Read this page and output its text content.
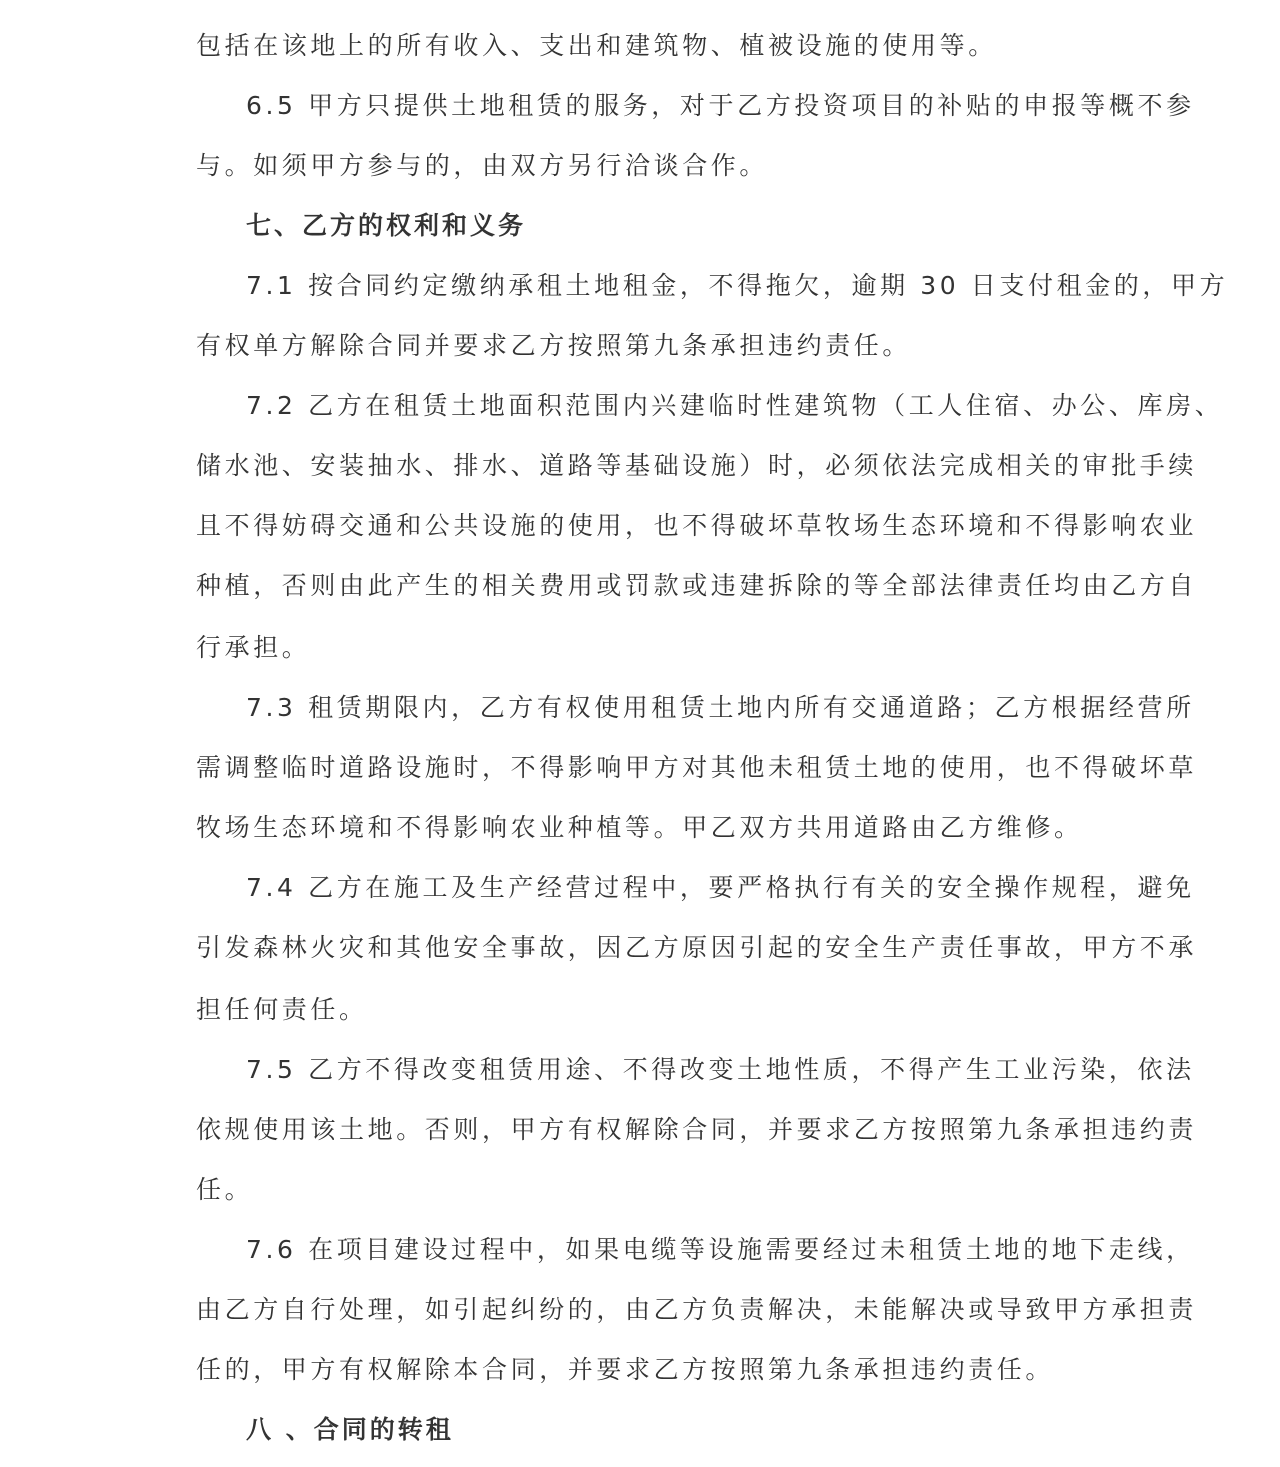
包括在该地上的所有收入、支出和建筑物、植被设施的使用等。
6.5 甲方只提供土地租赁的服务，对于乙方投资项目的补贴的申报等概不参
与。如须甲方参与的，由双方另行洽谈合作。
七、乙方的权利和义务
7.1 按合同约定缴纳承租土地租金，不得拖欠，逾期 30 日支付租金的，甲方
有权单方解除合同并要求乙方按照第九条承担违约责任。
7.2 乙方在租赁土地面积范围内兴建临时性建筑物（工人住宿、办公、库房、
储水池、安装抽水、排水、道路等基础设施）时，必须依法完成相关的审批手续
且不得妨碍交通和公共设施的使用，也不得破坏草牧场生态环境和不得影响农业
种植，否则由此产生的相关费用或罚款或违建拆除的等全部法律责任均由乙方自
行承担。
7.3 租赁期限内，乙方有权使用租赁土地内所有交通道路；乙方根据经营所
需调整临时道路设施时，不得影响甲方对其他未租赁土地的使用，也不得破坏草
牧场生态环境和不得影响农业种植等。甲乙双方共用道路由乙方维修。
7.4 乙方在施工及生产经营过程中，要严格执行有关的安全操作规程，避免
引发森林火灾和其他安全事故，因乙方原因引起的安全生产责任事故，甲方不承
担任何责任。
7.5 乙方不得改变租赁用途、不得改变土地性质，不得产生工业污染，依法
依规使用该土地。否则，甲方有权解除合同，并要求乙方按照第九条承担违约责
任。
7.6 在项目建设过程中，如果电缆等设施需要经过未租赁土地的地下走线，
由乙方自行处理，如引起纠纷的，由乙方负责解决，未能解决或导致甲方承担责
任的，甲方有权解除本合同，并要求乙方按照第九条承担违约责任。
八 、合同的转租
